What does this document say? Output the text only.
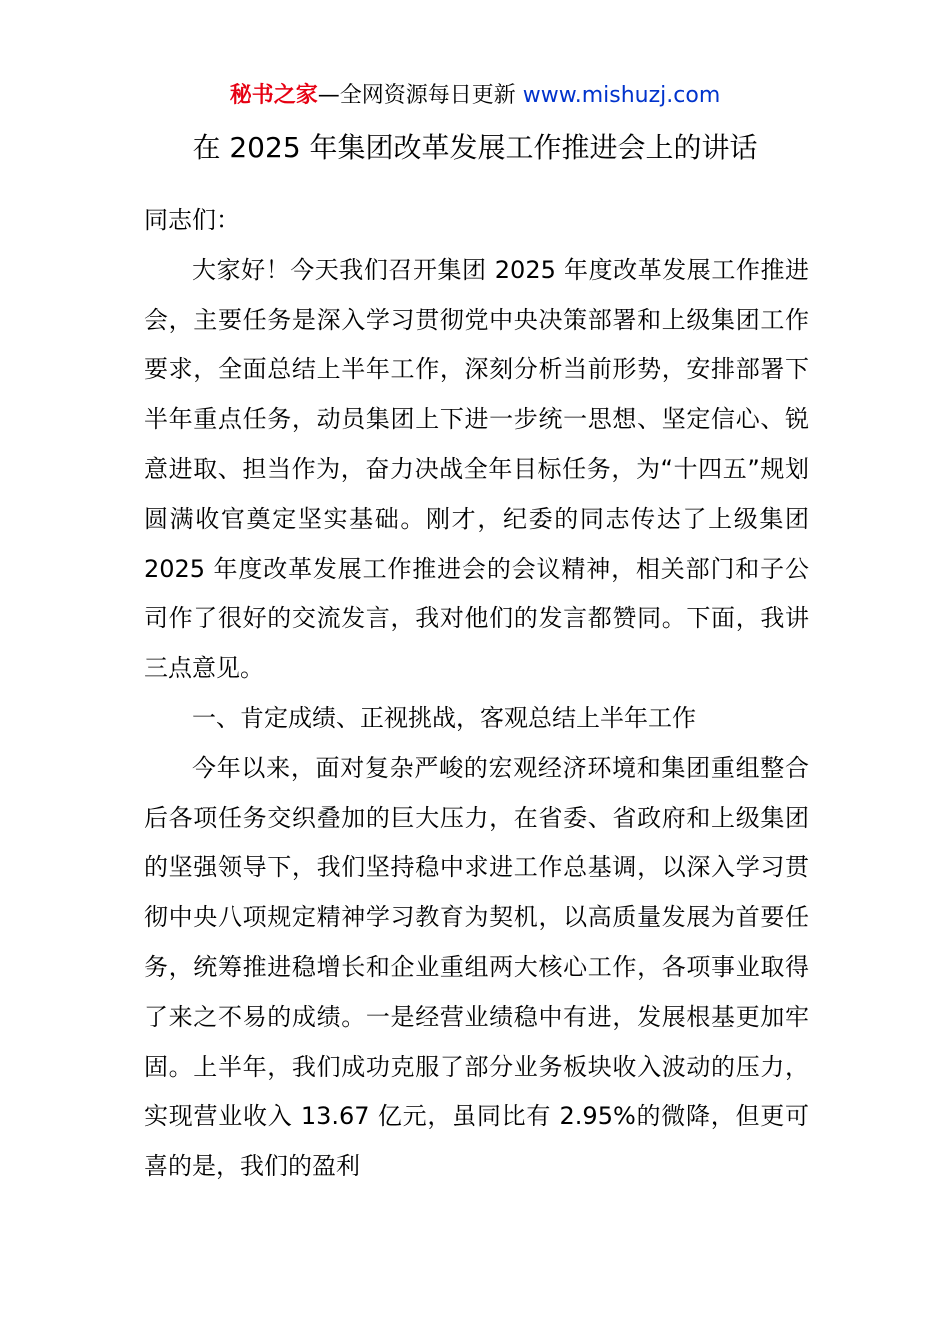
秘书之家—全网资源每日更新 www.mishuzj.com
在 2025 年集团改革发展工作推进会上的讲话

同志们：

大家好！今天我们召开集团 2025 年度改革发展工作推进会，主要任务是深入学习贯彻党中央决策部署和上级集团工作要求，全面总结上半年工作，深刻分析当前形势，安排部署下半年重点任务，动员集团上下进一步统一思想、坚定信心、锐意进取、担当作为，奋力决战全年目标任务，为“十四五”规划圆满收官奠定坚实基础。刚才，纪委的同志传达了上级集团 2025 年度改革发展工作推进会的会议精神，相关部门和子公司作了很好的交流发言，我对他们的发言都赞同。下面，我讲三点意见。

一、肯定成绩、正视挑战，客观总结上半年工作

今年以来，面对复杂严峻的宏观经济环境和集团重组整合后各项任务交织叠加的巨大压力，在省委、省政府和上级集团的坚强领导下，我们坚持稳中求进工作总基调，以深入学习贯彻中央八项规定精神学习教育为契机，以高质量发展为首要任务，统筹推进稳增长和企业重组两大核心工作，各项事业取得了来之不易的成绩。一是经营业绩稳中有进，发展根基更加牢固。上半年，我们成功克服了部分业务板块收入波动的压力，实现营业收入 13.67 亿元，虽同比有 2.95%的微降，但更可喜的是，我们的盈利
